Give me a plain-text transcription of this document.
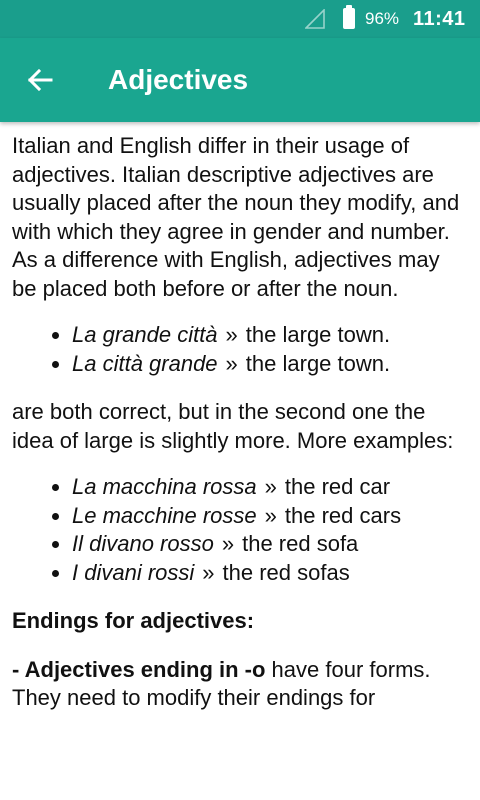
96% 11:41
Adjectives

Italian and English differ in their usage of adjectives. Italian descriptive adjectives are usually placed after the noun they modify, and with which they agree in gender and number. As a difference with English, adjectives may be placed both before or after the noun.

• La grande città » the large town.
• La città grande » the large town.

are both correct, but in the second one the idea of large is slightly more. More examples:

• La macchina rossa » the red car
• Le macchine rosse » the red cars
• Il divano rosso » the red sofa
• I divani rossi » the red sofas

Endings for adjectives:

- Adjectives ending in -o have four forms. They need to modify their endings for
